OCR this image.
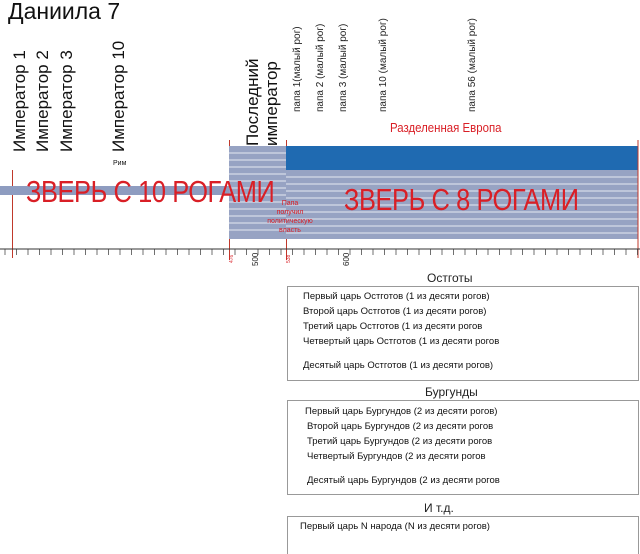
Даниила 7
Император 1 Император 2 Император 3 Император 10	Последний
император папа 1(малый рог) папа 2 (малый рог) папа 3 (малый рог)	папа 10 (малый рог)	папа 56 (малый рог)
ЗВЕРЬ С 10 РОГАМИ ЗВЕРЬ С 8 РОГАМИ
Рим
Разделенная Европа
Папа
получил
политическую
власть
476 500	538	600
Остготы
Первый царь Остготов (1 из десяти рогов)
Второй царь Остготов (1 из десяти рогов)
Третий царь Остготов (1 из десяти рогов
Четвертый царь Остготов (1 из десяти рогов
Десятый царь Остготов (1 из десяти рогов)
Бургунды
Первый царь Бургундов (2 из десяти рогов)
Второй царь Бургундов (2 из десяти рогов
Третий царь Бургундов (2 из десяти рогов
Четвертый Бургундов (2 из десяти рогов
Десятый царь Бургундов (2 из десяти рогов
И т.д.
Первый царь N народа (N из десяти рогов)
